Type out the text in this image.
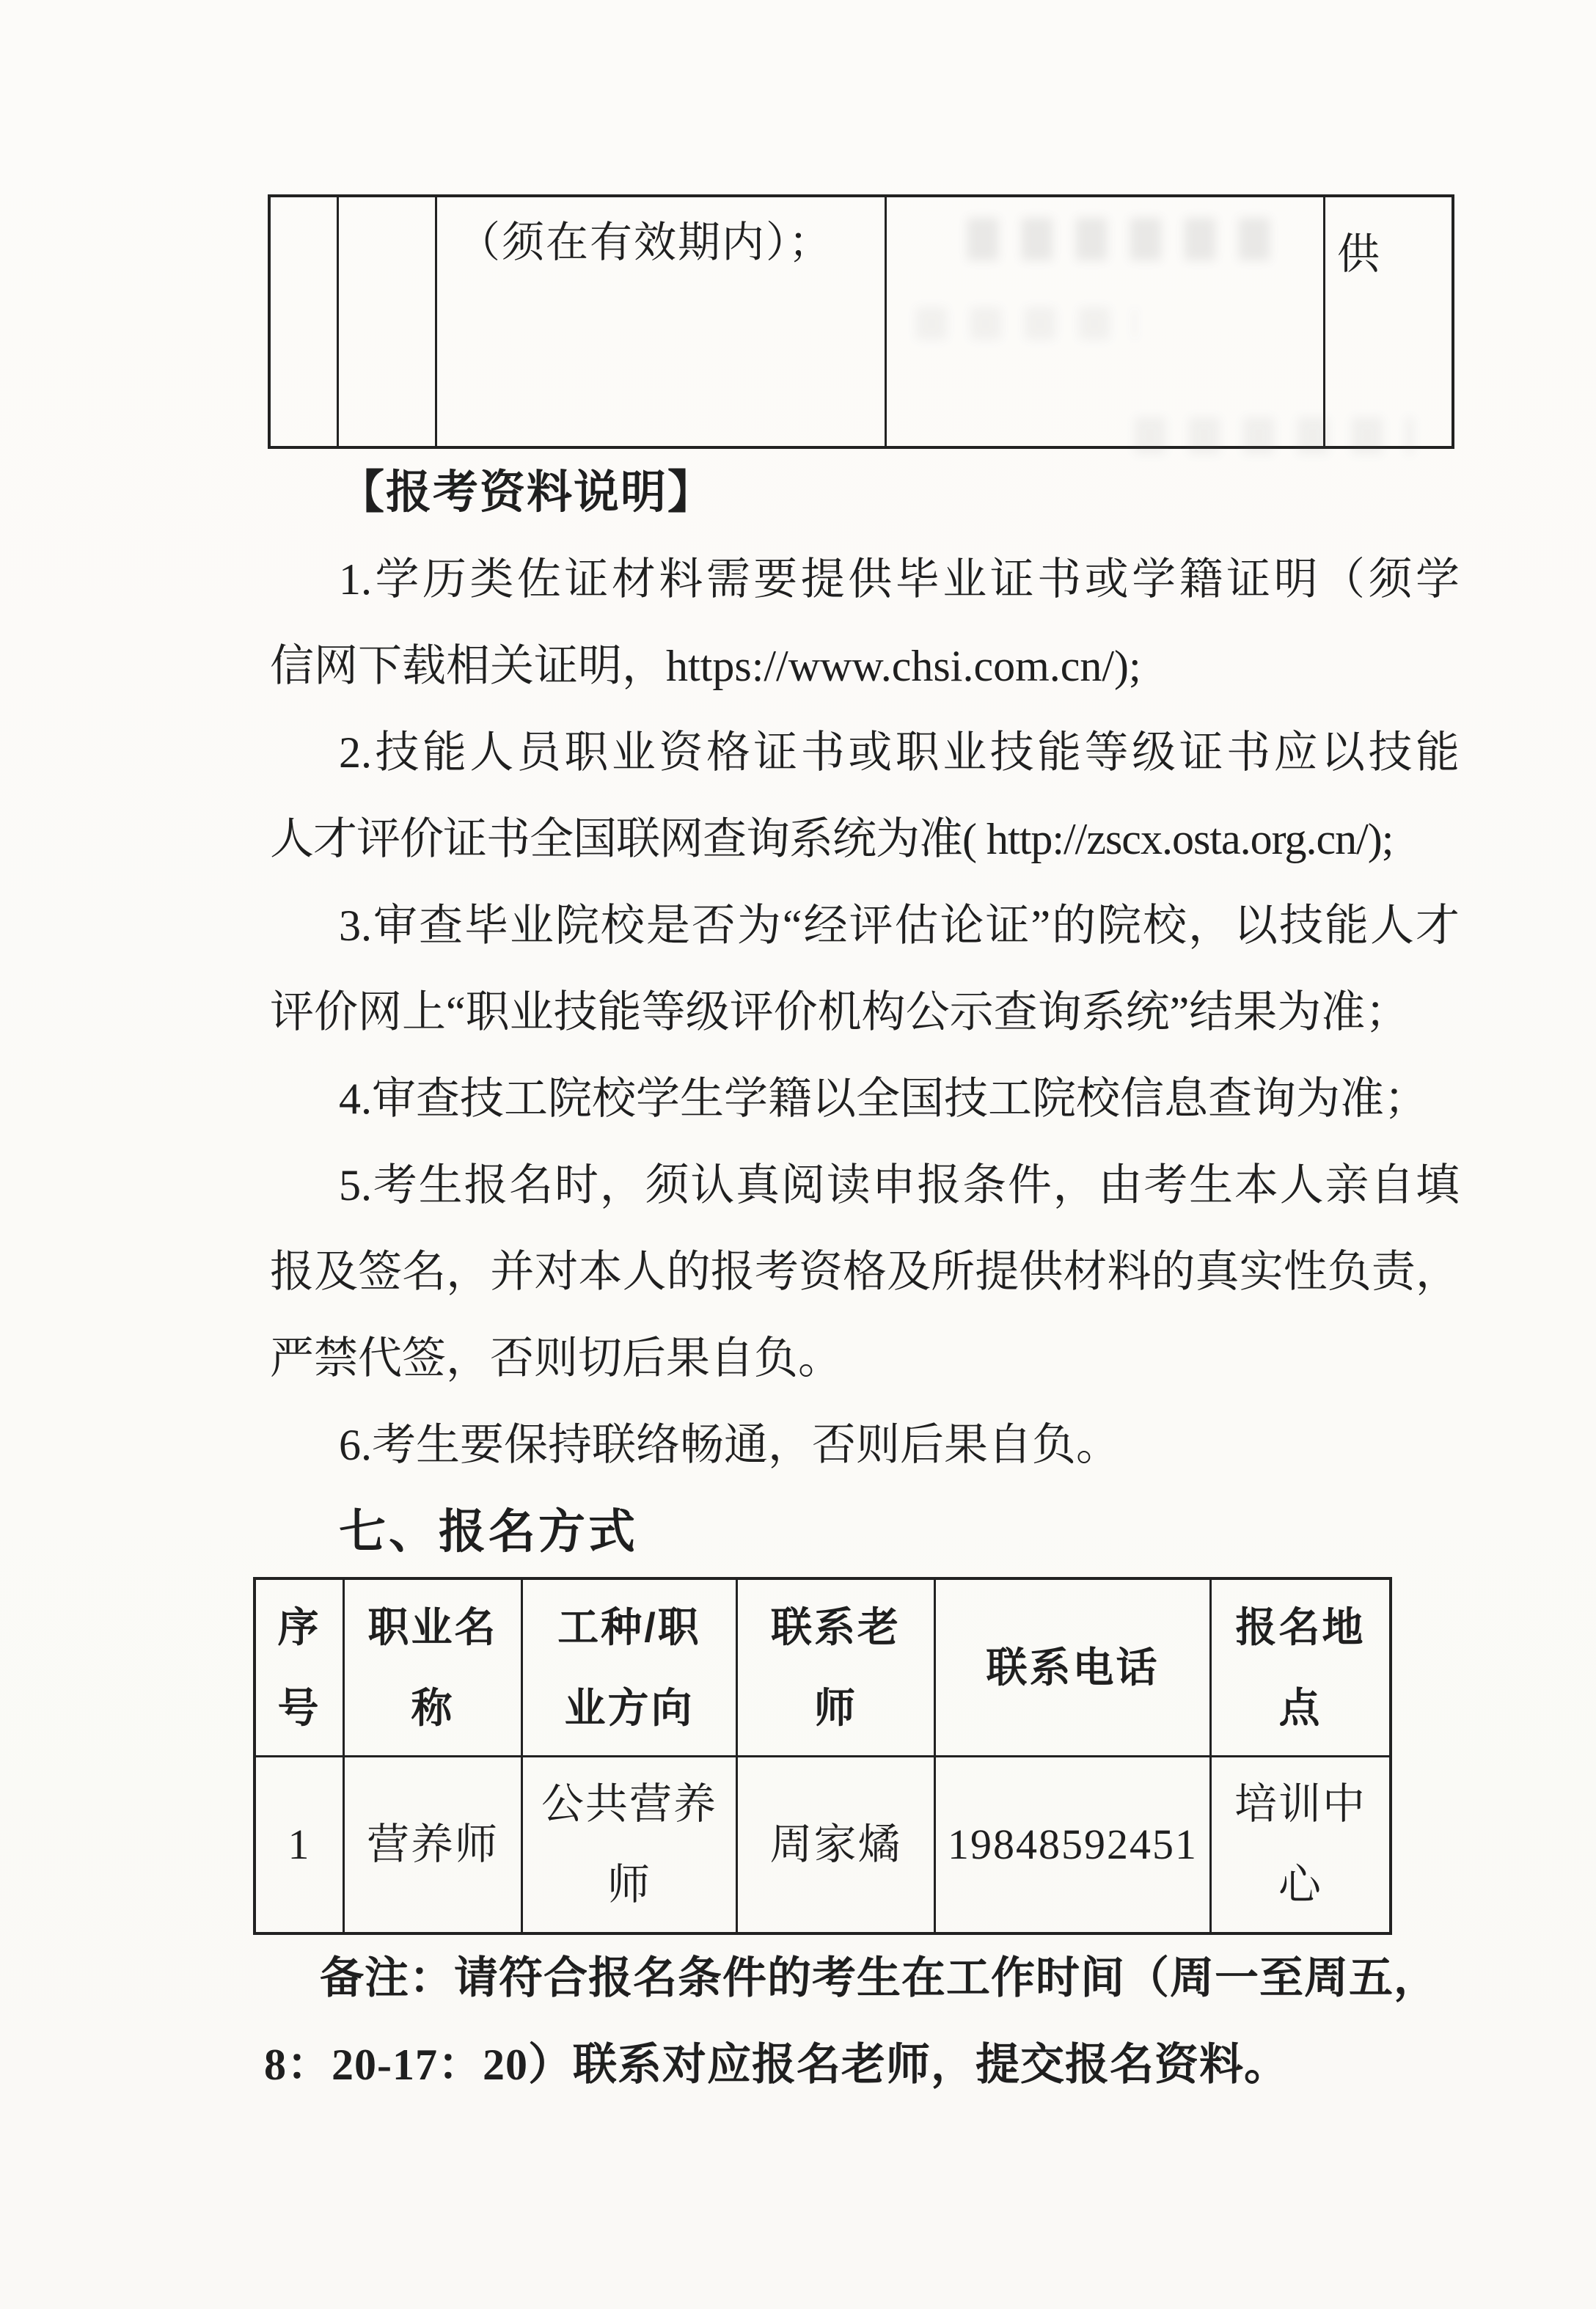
（须在有效期内）；	供
【报考资料说明】
1.学历类佐证材料需要提供毕业证书或学籍证明（须学
信网下载相关证明，https://www.chsi.com.cn/);
2.技能人员职业资格证书或职业技能等级证书应以技能
人才评价证书全国联网查询系统为准( http://zscx.osta.org.cn/);
3.审查毕业院校是否为“经评估论证”的院校，以技能人才
评价网上“职业技能等级评价机构公示查询系统”结果为准；
4.审查技工院校学生学籍以全国技工院校信息查询为准；
5.考生报名时，须认真阅读申报条件，由考生本人亲自填
报及签名，并对本人的报考资格及所提供材料的真实性负责，
严禁代签，否则切后果自负。
6.考生要保持联络畅通，否则后果自负。
七、报名方式
序
号
职业名
称
工种/职
业方向
联系老
师
联系电话
报名地
点
1 营养师
公共营养
师
周家燏 19848592451
培训中
心
备注：请符合报名条件的考生在工作时间（周一至周五，
8：20-17：20）联系对应报名老师，提交报名资料。
